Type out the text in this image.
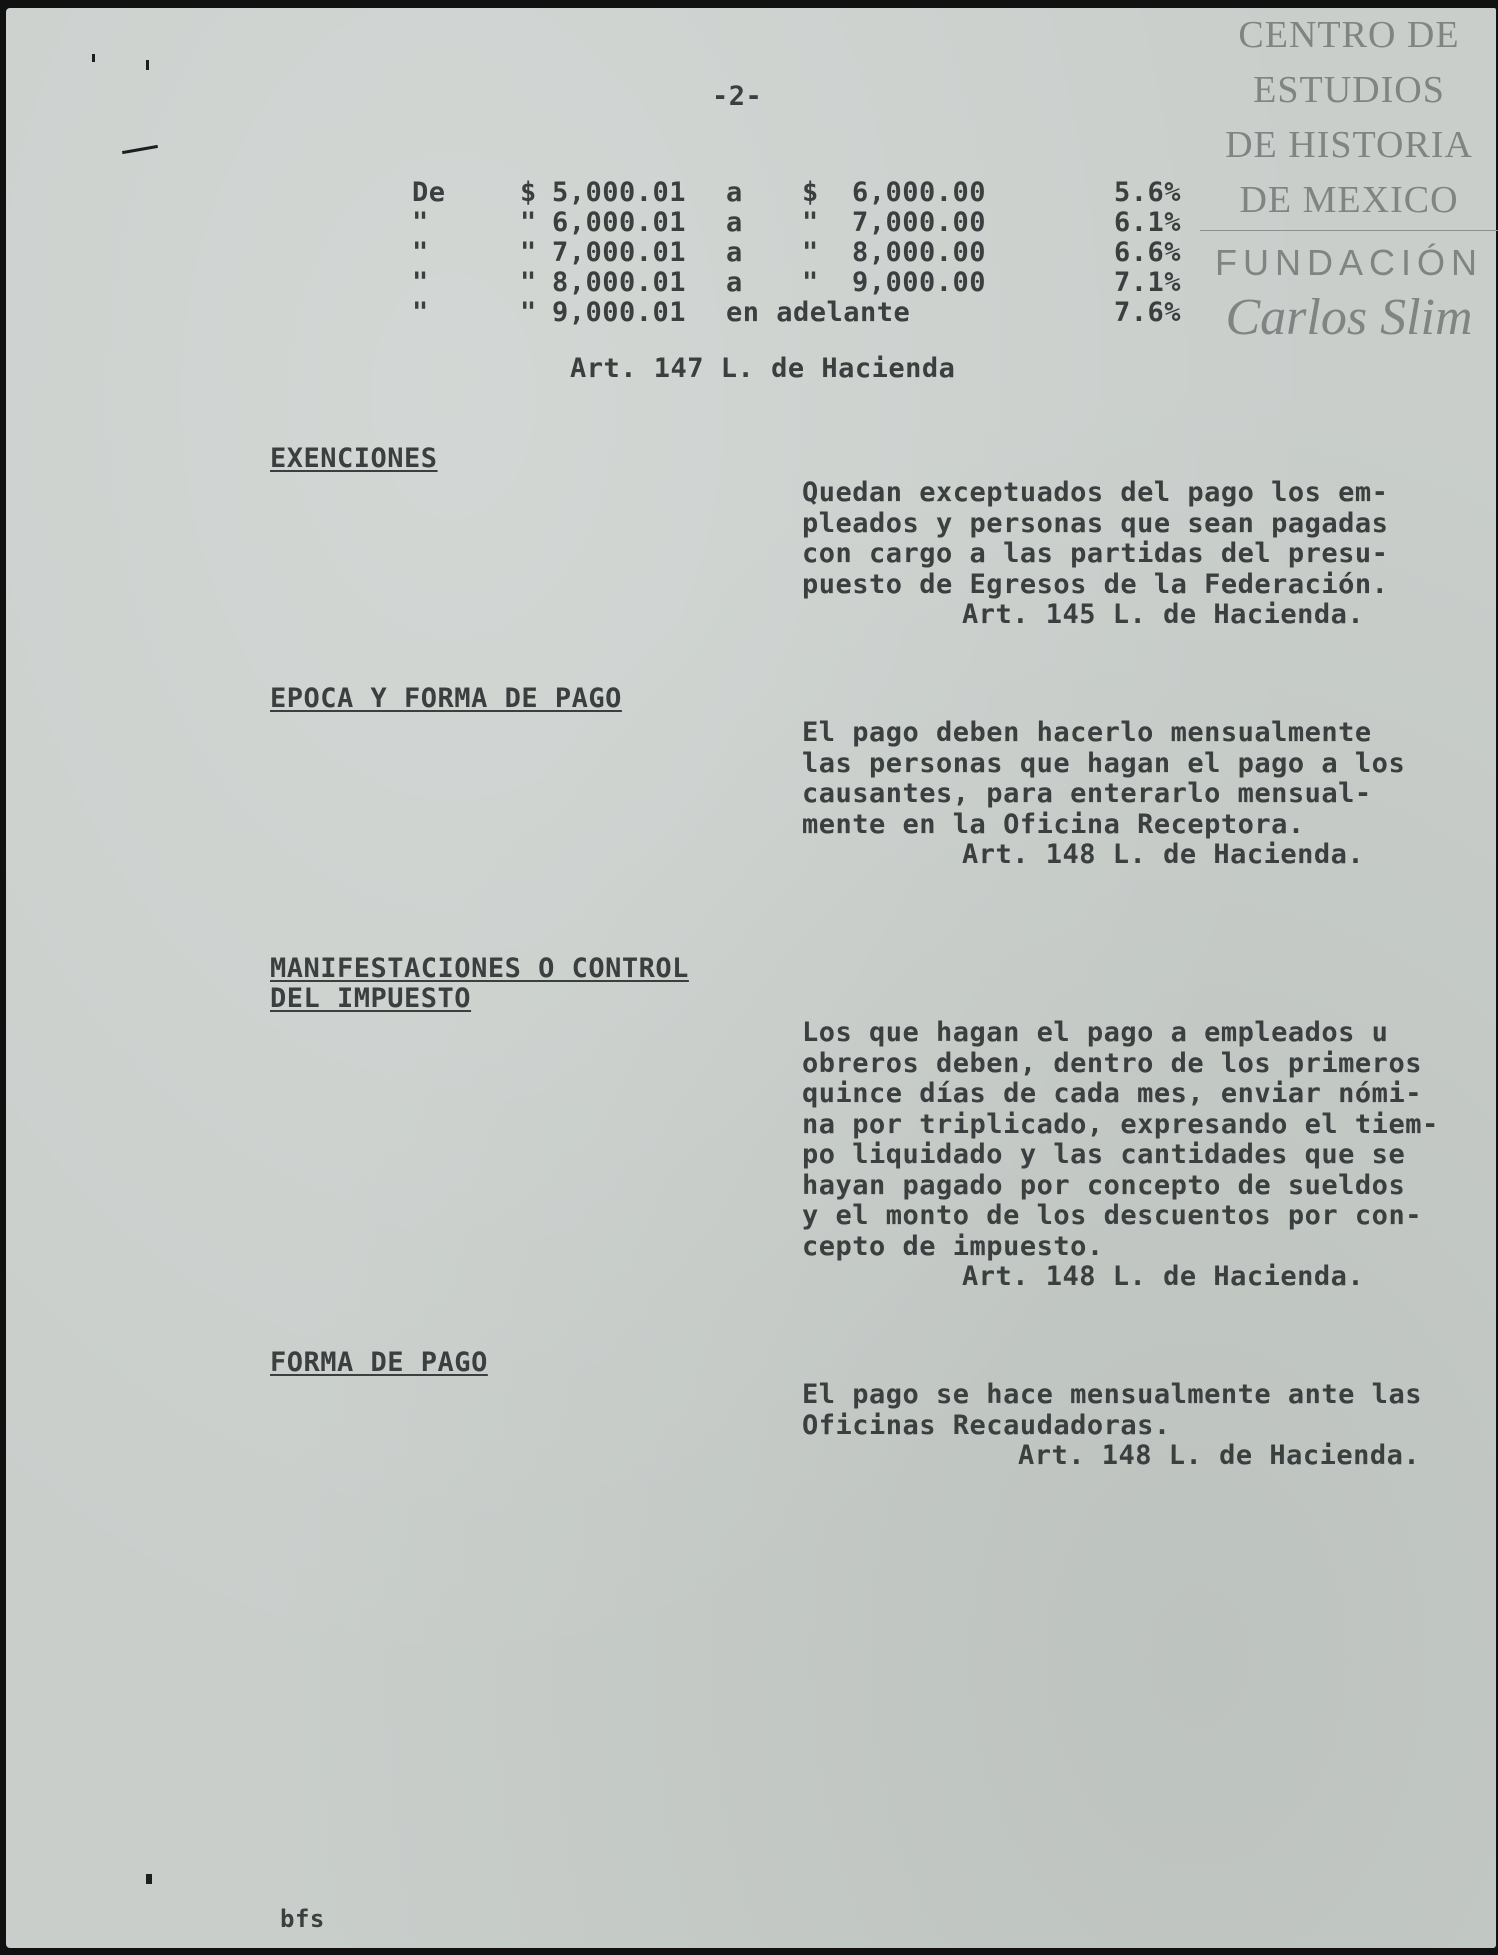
-2-
De	$ 5,000.01 a $ 6,000.00	5.6%
"	" 6,000.01 a " 7,000.00	6.1%
"	" 7,000.01 a " 8,000.00	6.6%
"	" 8,000.01 a " 9,000.00	7.1%
"	" 9,000.01 en adelante	7.6%
Art. 147 L. de Hacienda
EXENCIONES
Quedan exceptuados del pago los em-
pleados y personas que sean pagadas
con cargo a las partidas del presu-
puesto de Egresos de la Federación.
Art. 145 L. de Hacienda.
EPOCA Y FORMA DE PAGO
El pago deben hacerlo mensualmente
las personas que hagan el pago a los
causantes, para enterarlo mensual-
mente en la Oficina Receptora.
Art. 148 L. de Hacienda.
MANIFESTACIONES O CONTROL
DEL IMPUESTO
Los que hagan el pago a empleados u
obreros deben, dentro de los primeros
quince días de cada mes, enviar nómi-
na por triplicado, expresando el tiem-
po liquidado y las cantidades que se
hayan pagado por concepto de sueldos
y el monto de los descuentos por con-
cepto de impuesto.
Art. 148 L. de Hacienda.
FORMA DE PAGO
El pago se hace mensualmente ante las
Oficinas Recaudadoras.
Art. 148 L. de Hacienda.
bfs
CENTRO DE
ESTUDIOS
DE HISTORIA
DE MEXICO
FUNDACIÓN
Carlos Slim
